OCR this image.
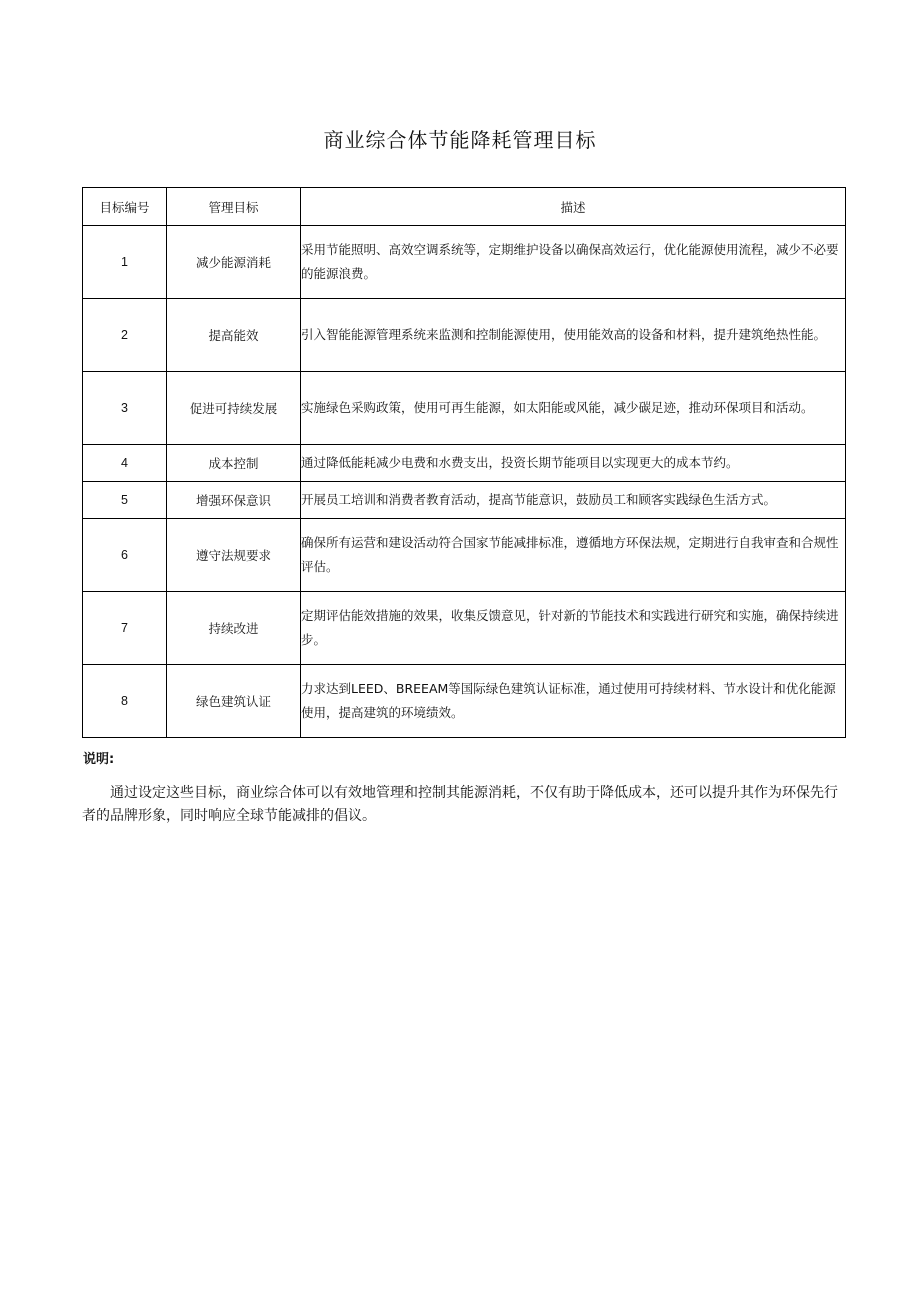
商业综合体节能降耗管理目标
目标编号	管理目标	描述
1	减少能源消耗	采用节能照明、高效空调系统等，定期维护设备以确保高效运行，优化能源使用流程，减少不必要的能源浪费。
2	提高能效	引入智能能源管理系统来监测和控制能源使用，使用能效高的设备和材料，提升建筑绝热性能。
3	促进可持续发展	实施绿色采购政策，使用可再生能源，如太阳能或风能，减少碳足迹，推动环保项目和活动。
4	成本控制	通过降低能耗减少电费和水费支出，投资长期节能项目以实现更大的成本节约。
5	增强环保意识	开展员工培训和消费者教育活动，提高节能意识，鼓励员工和顾客实践绿色生活方式。
6	遵守法规要求	确保所有运营和建设活动符合国家节能减排标准，遵循地方环保法规，定期进行自我审查和合规性评估。
7	持续改进	定期评估能效措施的效果，收集反馈意见，针对新的节能技术和实践进行研究和实施，确保持续进步。
8	绿色建筑认证	力求达到LEED、BREEAM等国际绿色建筑认证标准，通过使用可持续材料、节水设计和优化能源使用，提高建筑的环境绩效。
说明:
通过设定这些目标，商业综合体可以有效地管理和控制其能源消耗，不仅有助于降低成本，还可以提升其作为环保先行者的品牌形象，同时响应全球节能减排的倡议。
